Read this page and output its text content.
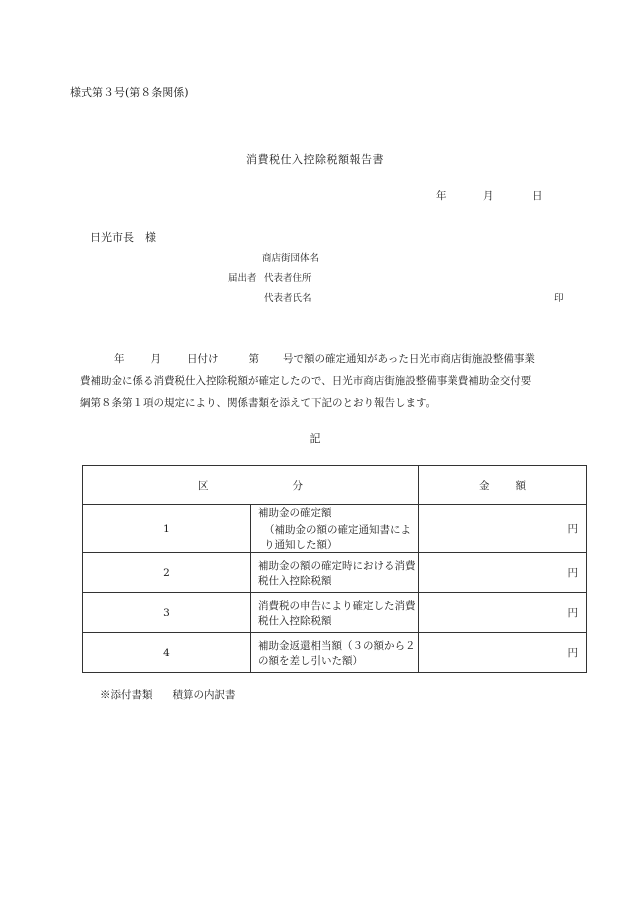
様式第３号(第８条関係)
消費税仕入控除税額報告書
年	月	日
日光市長　様
商店街団体名
届出者 代表者住所
代表者氏名	印
年 月 日付け	第 号で額の確定通知があった日光市商店街施設整備事業
費補助金に係る消費税仕入控除税額が確定したので、日光市商店街施設整備事業費補助金交付要
綱第８条第１項の規定により、関係書類を添えて下記のとおり報告します。
記
区 分		金 額
1	補助金の確定額
（補助金の額の確定通知書により通知した額）	円
2	補助金の額の確定時における消費税仕入控除税額	円
3	消費税の申告により確定した消費税仕入控除税額	円
4	補助金返還相当額（３の額から２の額を差し引いた額）	円
※添付書類 積算の内訳書
